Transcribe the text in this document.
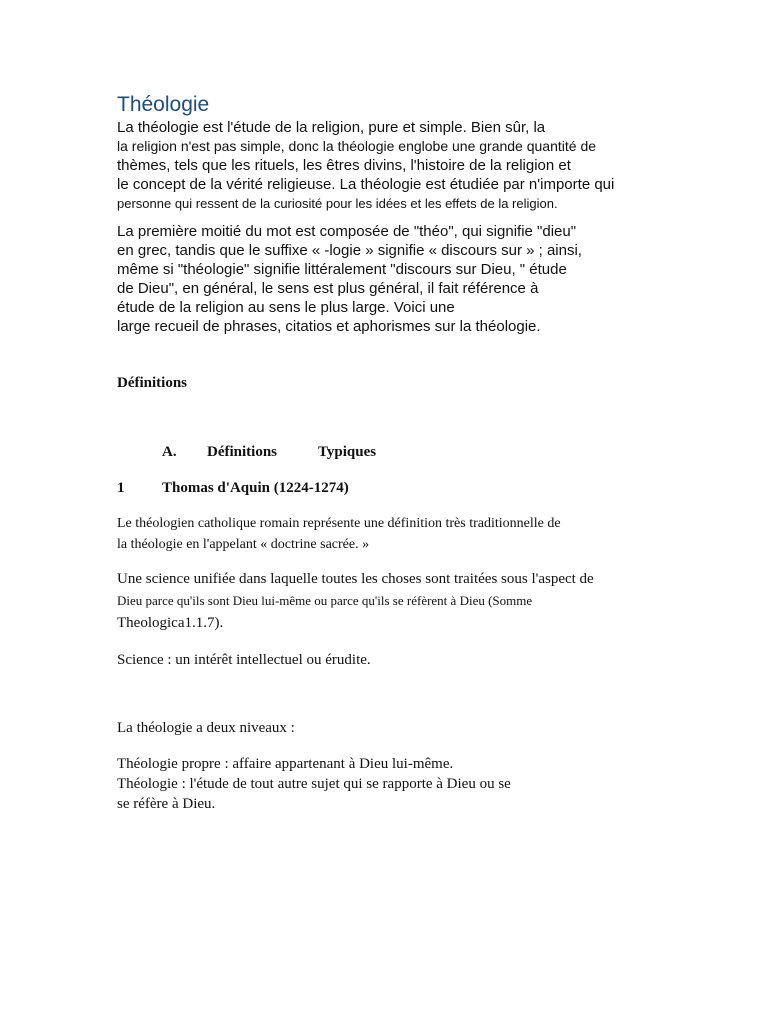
Théologie
La théologie est l'étude de la religion, pure et simple. Bien sûr, la
la religion n'est pas simple, donc la théologie englobe une grande quantité de
thèmes, tels que les rituels, les êtres divins, l'histoire de la religion et
le concept de la vérité religieuse. La théologie est étudiée par n'importe qui
personne qui ressent de la curiosité pour les idées et les effets de la religion.
La première moitié du mot est composée de "théo", qui signifie "dieu"
en grec, tandis que le suffixe « -logie » signifie « discours sur » ; ainsi,
même si "théologie" signifie littéralement "discours sur Dieu, " étude
de Dieu", en général, le sens est plus général, il fait référence à
étude de la religion au sens le plus large. Voici une
large recueil de phrases, citatios et aphorismes sur la théologie.
Définitions
A. Définitions	Typiques
1	Thomas d'Aquin (1224-1274)
Le théologien catholique romain représente une définition très traditionnelle de
la théologie en l'appelant « doctrine sacrée. »
Une science unifiée dans laquelle toutes les choses sont traitées sous l'aspect de
Dieu parce qu'ils sont Dieu lui-même ou parce qu'ils se réfèrent à Dieu (Somme
Theologica1.1.7).
Science : un intérêt intellectuel ou érudite.
La théologie a deux niveaux :
Théologie propre : affaire appartenant à Dieu lui-même.
Théologie : l'étude de tout autre sujet qui se rapporte à Dieu ou se
se réfère à Dieu.
